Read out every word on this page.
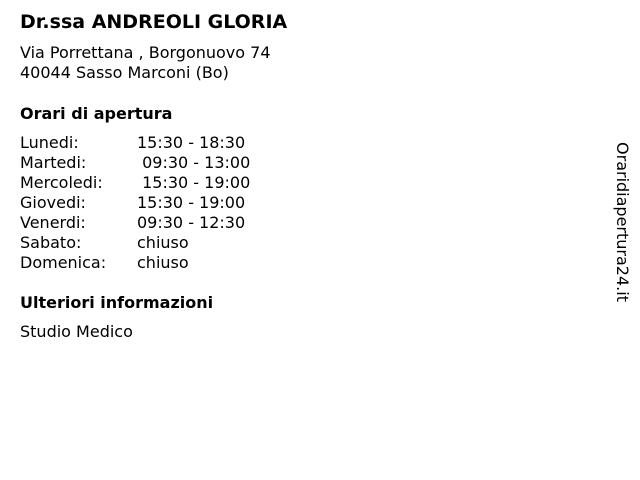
Dr.ssa ANDREOLI GLORIA
Via Porrettana , Borgonuovo 74
40044 Sasso Marconi (Bo)
Orari di apertura
Lunedi:	15:30 - 18:30
Martedi:	09:30 - 13:00
Mercoledi:	15:30 - 19:00
Giovedi:	15:30 - 19:00
Venerdi:	09:30 - 12:30
Sabato:	chiuso
Domenica:	chiuso
Ulteriori informazioni
Studio Medico
Oraridiapertura24.it
